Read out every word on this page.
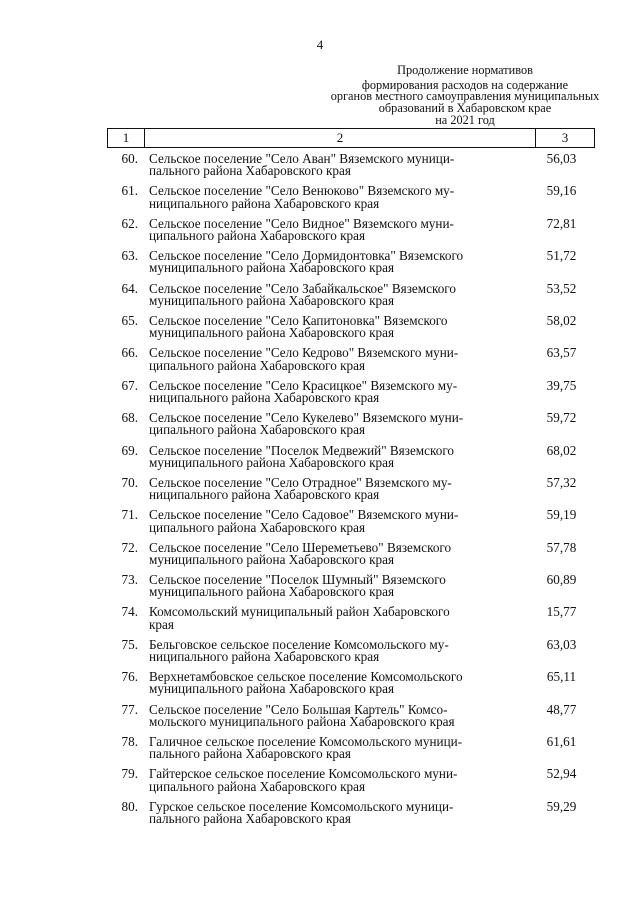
4
Продолжение нормативов
формирования расходов на содержание
органов местного самоуправления муниципальных
образований в Хабаровском крае
на 2021 год
1	2	3
60. Сельское поселение "Село Аван" Вяземского муници-
пального района Хабаровского края
56,03
61. Сельское поселение "Село Венюково" Вяземского му-
ниципального района Хабаровского края
59,16
62. Сельское поселение "Село Видное" Вяземского муни-
ципального района Хабаровского края
72,81
63. Сельское поселение "Село Дормидонтовка" Вяземского
муниципального района Хабаровского края
51,72
64. Сельское поселение "Село Забайкальское" Вяземского
муниципального района Хабаровского края
53,52
65. Сельское поселение "Село Капитоновка" Вяземского
муниципального района Хабаровского края
58,02
66. Сельское поселение "Село Кедрово" Вяземского муни-
ципального района Хабаровского края
63,57
67. Сельское поселение "Село Красицкое" Вяземского му-
ниципального района Хабаровского края
39,75
68. Сельское поселение "Село Кукелево" Вяземского муни-
ципального района Хабаровского края
59,72
69. Сельское поселение "Поселок Медвежий" Вяземского
муниципального района Хабаровского края
68,02
70. Сельское поселение "Село Отрадное" Вяземского му-
ниципального района Хабаровского края
57,32
71. Сельское поселение "Село Садовое" Вяземского муни-
ципального района Хабаровского края
59,19
72. Сельское поселение "Село Шереметьево" Вяземского
муниципального района Хабаровского края
57,78
73. Сельское поселение "Поселок Шумный" Вяземского
муниципального района Хабаровского края
60,89
74. Комсомольский муниципальный район Хабаровского
края
15,77
75. Бельговское сельское поселение Комсомольского му-
ниципального района Хабаровского края
63,03
76. Верхнетамбовское сельское поселение Комсомольского
муниципального района Хабаровского края
65,11
77. Сельское поселение "Село Большая Картель" Комсо-
мольского муниципального района Хабаровского края
48,77
78. Галичное сельское поселение Комсомольского муници-
пального района Хабаровского края
61,61
79. Гайтерское сельское поселение Комсомольского муни-
ципального района Хабаровского края
52,94
80. Гурское сельское поселение Комсомольского муници-
пального района Хабаровского края
59,29
